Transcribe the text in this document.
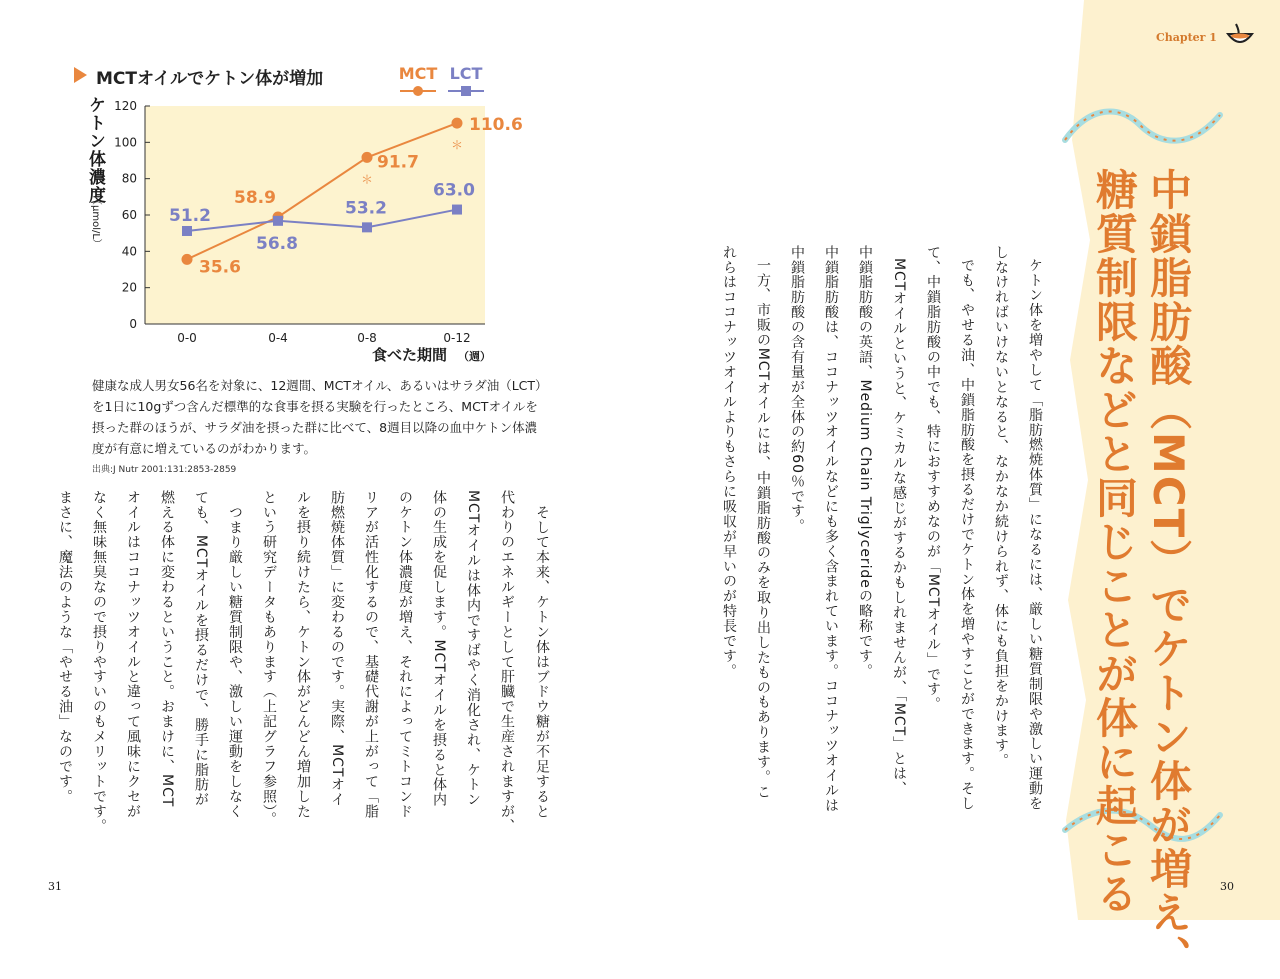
MCTオイルでケトン体が増加
0
20
40
60
80
100
120
0-0	0-4	0-8	0-12
35.6
58.9
91.7
110.6
＊
＊
51.2
56.8
53.2
63.0
MCT LCT
ケトン体濃度
（μmol/L）
食べた期間 （週）
健康な成人男女56名を対象に、12週間、MCTオイル、あるいはサラダ油（LCT）を1日に10gずつ含んだ標準的な食事を摂る実験を行ったところ、MCTオイルを摂った群のほうが、サラダ油を摂った群に比べて、8週目以降の血中ケトン体濃度が有意に増えているのがわかります。
出典:J Nutr 2001:131:2853-2859
そして本来、ケトン体はブドウ糖が不足すると
代わりのエネルギーとして肝臓で生産されますが、
MCTオイルは体内ですばやく消化され、ケトン
体の生成を促します。MCTオイルを摂ると体内
のケトン体濃度が増え、それによってミトコンド
リアが活性化するので、基礎代謝が上がって「脂
肪燃焼体質」に変わるのです。実際、MCTオイ
ルを摂り続けたら、ケトン体がどんどん増加した
という研究データもあります（上記グラフ参照）。
つまり厳しい糖質制限や、激しい運動をしなく
ても、MCTオイルを摂るだけで、勝手に脂肪が
燃える体に変わるということ。おまけに、MCT
オイルはココナッツオイルと違って風味にクセが
なく無味無臭なので摂りやすいのもメリットです。
まさに、魔法のような「やせる油」なのです。
31
Chapter 1
中鎖脂肪酸（MCT）でケトン体が増え、
糖質制限などと同じことが体に起こる
ケトン体を増やして「脂肪燃焼体質」になるには、厳しい糖質制限や激しい運動を
しなければいけないとなると、なかなか続けられず、体にも負担をかけます。
でも、やせる油、中鎖脂肪酸を摂るだけでケトン体を増やすことができます。そし
て、中鎖脂肪酸の中でも、特におすすめなのが「MCTオイル」です。
MCTオイルというと、ケミカルな感じがするかもしれませんが、「MCT」とは、
中鎖脂肪酸の英語、Medium Chain Triglycerideの略称です。
中鎖脂肪酸は、ココナッツオイルなどにも多く含まれています。ココナッツオイルは
中鎖脂肪酸の含有量が全体の約60％です。
一方、市販のMCTオイルには、中鎖脂肪酸のみを取り出したものもあります。こ
れらはココナッツオイルよりもさらに吸収が早いのが特長です。
30
